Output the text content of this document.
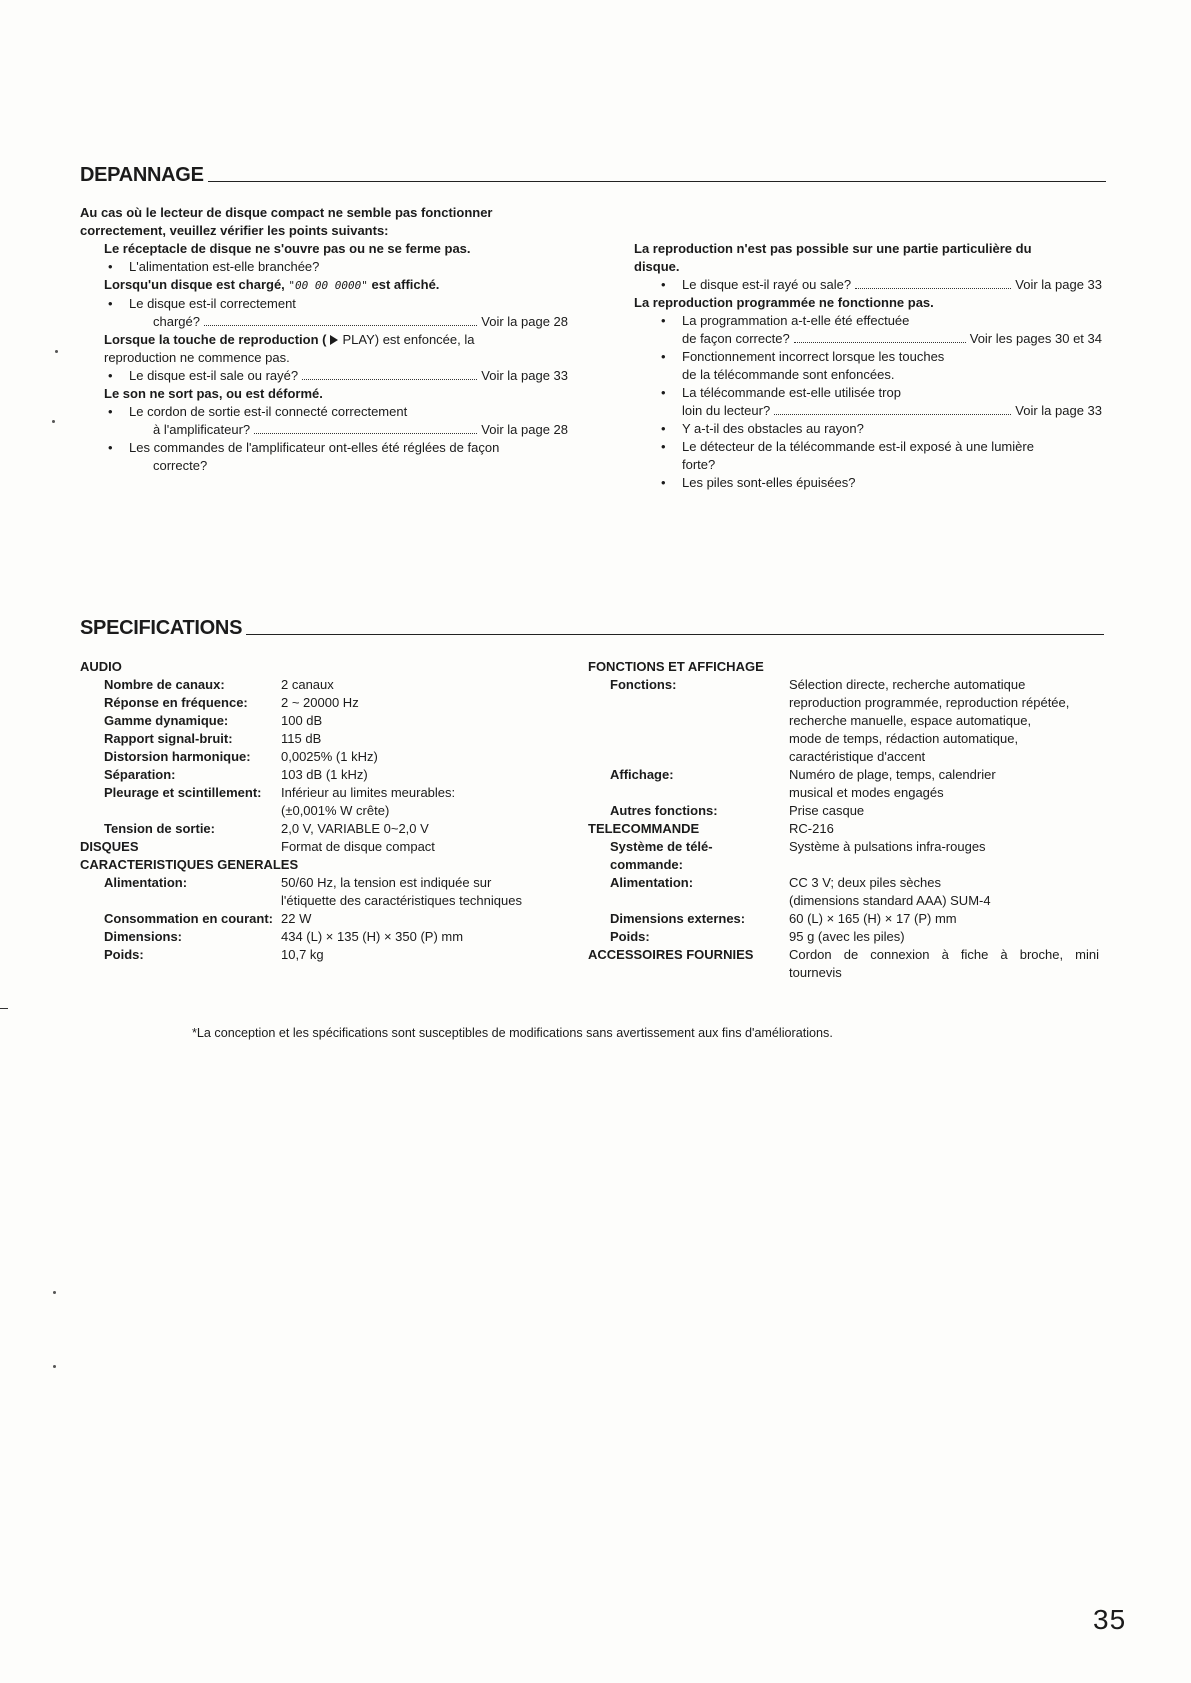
DEPANNAGE
Au cas où le lecteur de disque compact ne semble pas fonctionner
correctement, veuillez vérifier les points suivants:
Le réceptacle de disque ne s'ouvre pas ou ne se ferme pas.
• L'alimentation est-elle branchée?
Lorsqu'un disque est chargé, "00 00 0000" est affiché.
• Le disque est-il correctement
chargé?	Voir la page 28
Lorsque la touche de reproduction ( PLAY) est enfoncée, la
reproduction ne commence pas.
• Le disque est-il sale ou rayé?	Voir la page 33
Le son ne sort pas, ou est déformé.
• Le cordon de sortie est-il connecté correctement
à l'amplificateur?	Voir la page 28
• Les commandes de l'amplificateur ont-elles été réglées de façon
correcte?
La reproduction n'est pas possible sur une partie particulière du
disque.
• Le disque est-il rayé ou sale?	Voir la page 33
La reproduction programmée ne fonctionne pas.
• La programmation a-t-elle été effectuée
de façon correcte?	Voir les pages 30 et 34
• Fonctionnement incorrect lorsque les touches
de la télécommande sont enfoncées.
• La télécommande est-elle utilisée trop
loin du lecteur?	Voir la page 33
• Y a-t-il des obstacles au rayon?
• Le détecteur de la télécommande est-il exposé à une lumière
forte?
• Les piles sont-elles épuisées?
SPECIFICATIONS
AUDIO
Nombre de canaux:	2 canaux
Réponse en fréquence:	2 ~ 20000 Hz
Gamme dynamique:	100 dB
Rapport signal-bruit:	115 dB
Distorsion harmonique:	0,0025% (1 kHz)
Séparation:	103 dB (1 kHz)
Pleurage et scintillement:	Inférieur au limites meurables:
(±0,001% W crête)
Tension de sortie:	2,0 V, VARIABLE 0~2,0 V
DISQUES	Format de disque compact
CARACTERISTIQUES GENERALES
Alimentation:	50/60 Hz, la tension est indiquée sur
l'étiquette des caractéristiques techniques
Consommation en courant: 22 W
Dimensions:	434 (L) × 135 (H) × 350 (P) mm
Poids:	10,7 kg
FONCTIONS ET AFFICHAGE
Fonctions:	Sélection directe, recherche automatique
reproduction programmée, reproduction répétée,
recherche manuelle, espace automatique,
mode de temps, rédaction automatique,
caractéristique d'accent
Affichage:	Numéro de plage, temps, calendrier
musical et modes engagés
Autres fonctions:	Prise casque
TELECOMMANDE	RC-216
Système de télé-	Système à pulsations infra-rouges
commande:
Alimentation:	CC 3 V; deux piles sèches
(dimensions standard AAA) SUM-4
Dimensions externes:	60 (L) × 165 (H) × 17 (P) mm
Poids:	95 g (avec les piles)
ACCESSOIRES FOURNIES	Cordon de connexion à fiche à broche, mini
tournevis
*La conception et les spécifications sont susceptibles de modifications sans avertissement aux fins d'améliorations.
35
